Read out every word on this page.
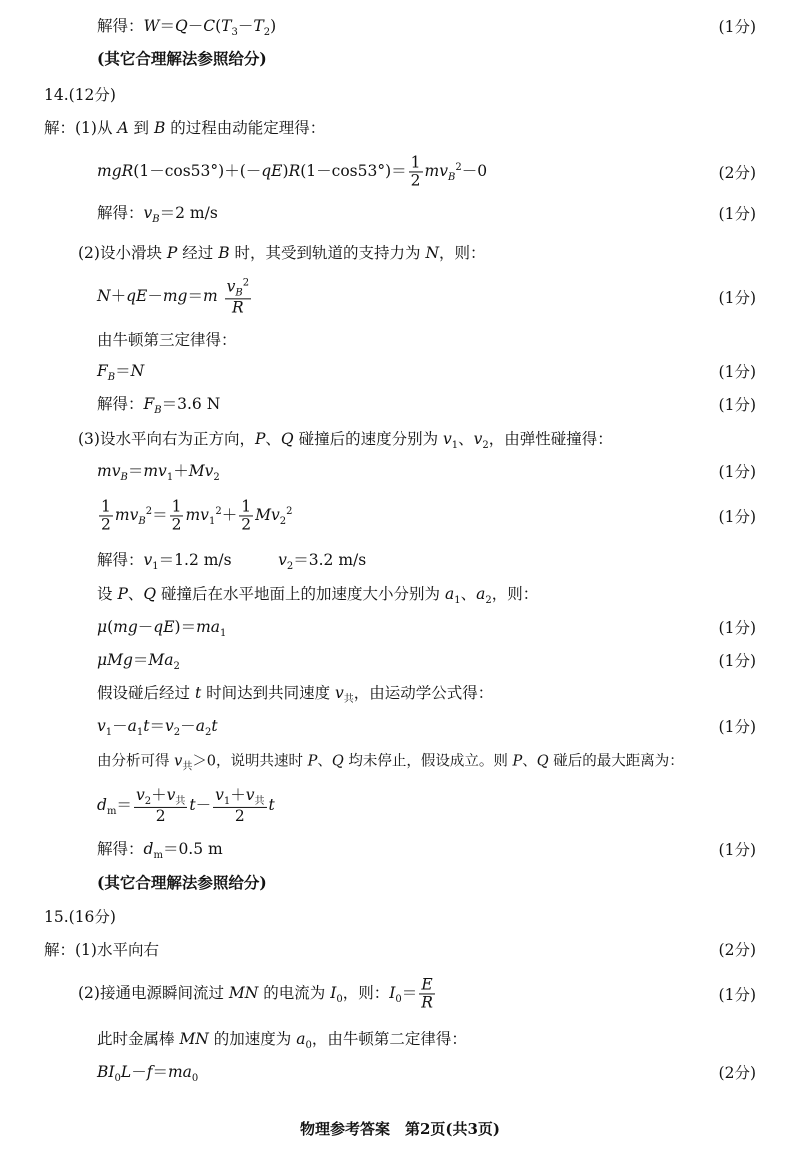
解得：$W=Q-C(T_3-T_2)$	(1分)
(其它合理解法参照给分)
14.(12分)
解：(1)从 A 到 B 的过程由动能定理得：
$mgR(1-\cos 53^\circ)+(-qE)R(1-\cos 53^\circ)= \frac{1}{2} mv_B^2-0$	(2分)
解得：$v_B=2$ m/s	(1分)
(2)设小滑块 P 经过 B 时，其受到轨道的支持力为 N，则：
$N+qE-mg=m \frac{v_B^2}{R}$	(1分)
由牛顿第三定律得：
$F_B=N$	(1分)
解得：$F_B=3.6$ N	(1分)
(3)设水平向右为正方向，P、Q 碰撞后的速度分别为 $v_1$、$v_2$，由弹性碰撞得：
$mv_B=mv_1+Mv_2$	(1分)
$\frac{1}{2} mv_B^2= \frac{1}{2} mv_1^2+ \frac{1}{2} Mv_2^2$	(1分)
解得：$v_1=1.2$ m/s　　　$v_2=3.2$ m/s
设 P、Q 碰撞后在水平地面上的加速度大小分别为 $a_1$、$a_2$，则：
$\mu(mg-qE)=ma_1$	(1分)
$\mu Mg=Ma_2$	(1分)
假设碰后经过 t 时间达到共同速度 $v_共$，由运动学公式得：
$v_1-a_1t=v_2-a_2t$	(1分)
由分析可得 $v_共>0$，说明共速时 P、Q 均未停止，假设成立。则 P、Q 碰后的最大距离为：
$d_m= \frac{v_2+v_共}{2} t- \frac{v_1+v_共}{2}$ t
解得：$d_m=0.5$ m	(1分)
(其它合理解法参照给分)
15.(16分)
解：(1)水平向右	(2分)
(2)接通电源瞬间流过 MN 的电流为 $I_0$，则：$I_0= \frac{E}{R}$	(1分)
此时金属棒 MN 的加速度为 $a_0$，由牛顿第二定律得：
$BI_0L-f=ma_0$	(2分)
物理参考答案　第2页(共3页)
